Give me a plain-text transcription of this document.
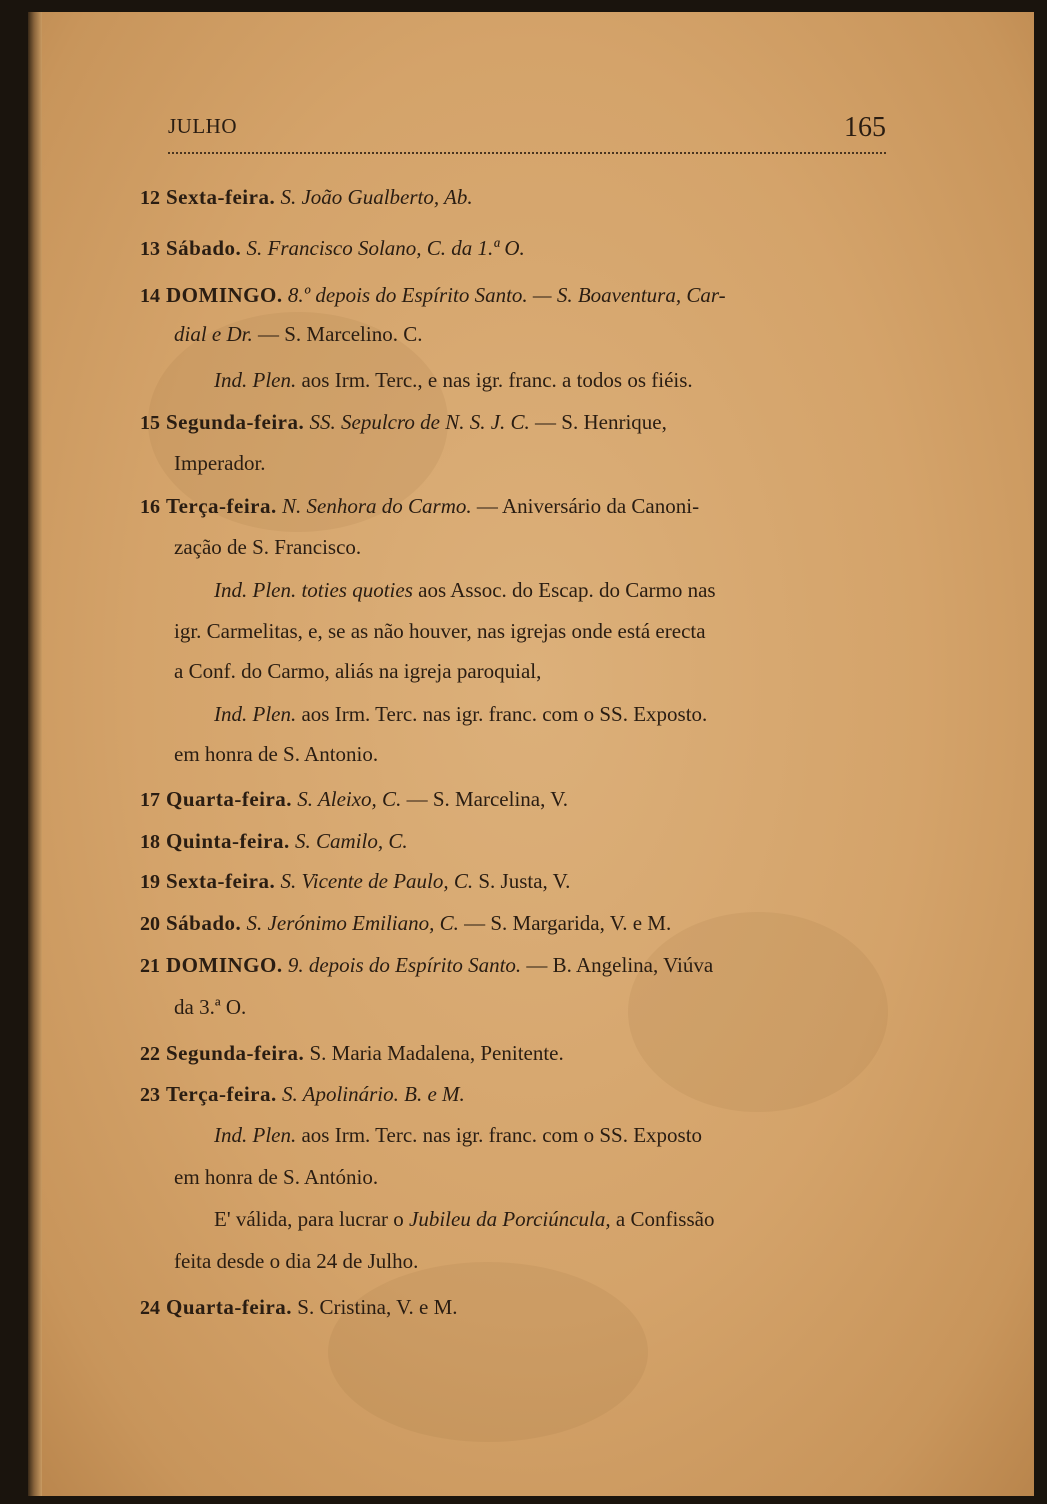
JULHO	165
12 Sexta-feira. S. João Gualberto, Ab.
13 Sábado. S. Francisco Solano, C. da 1.ª O.
14 DOMINGO. 8.º depois do Espírito Santo. — S. Boaventura, Car-
dial e Dr. — S. Marcelino. C.
Ind. Plen. aos Irm. Terc., e nas igr. franc. a todos os fiéis.
15 Segunda-feira. SS. Sepulcro de N. S. J. C. — S. Henrique,
Imperador.
16 Terça-feira. N. Senhora do Carmo. — Aniversário da Canoni-
zação de S. Francisco.
Ind. Plen. toties quoties aos Assoc. do Escap. do Carmo nas
igr. Carmelitas, e, se as não houver, nas igrejas onde está erecta
a Conf. do Carmo, aliás na igreja paroquial,
Ind. Plen. aos Irm. Terc. nas igr. franc. com o SS. Exposto.
em honra de S. Antonio.
17 Quarta-feira. S. Aleixo, C. — S. Marcelina, V.
18 Quinta-feira. S. Camilo, C.
19 Sexta-feira. S. Vicente de Paulo, C. S. Justa, V.
20 Sábado. S. Jerónimo Emiliano, C. — S. Margarida, V. e M.
21 DOMINGO. 9. depois do Espírito Santo. — B. Angelina, Viúva
da 3.ª O.
22 Segunda-feira. S. Maria Madalena, Penitente.
23 Terça-feira. S. Apolinário. B. e M.
Ind. Plen. aos Irm. Terc. nas igr. franc. com o SS. Exposto
em honra de S. António.
E' válida, para lucrar o Jubileu da Porciúncula, a Confissão
feita desde o dia 24 de Julho.
24 Quarta-feira. S. Cristina, V. e M.
